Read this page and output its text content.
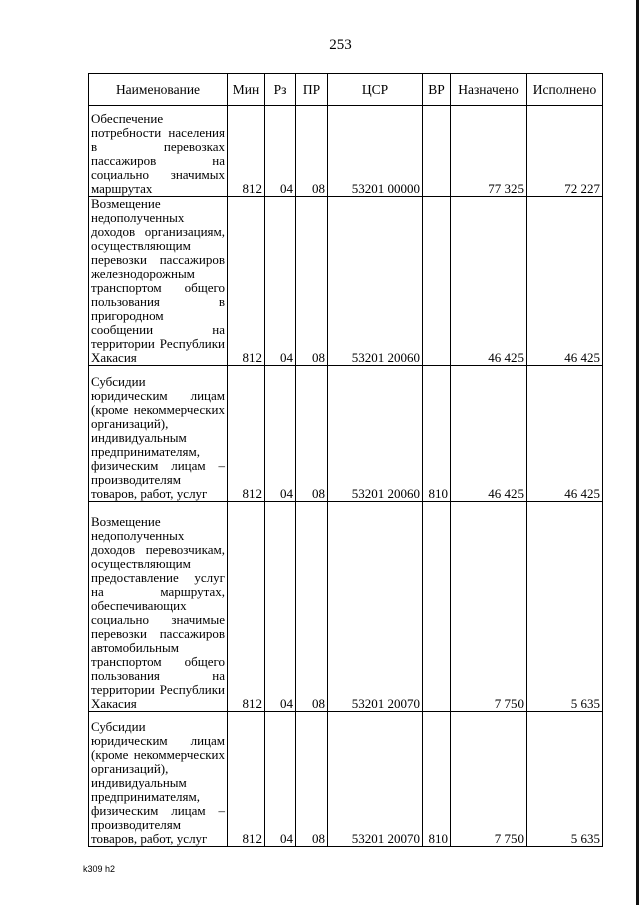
253
Наименование	Мин	Рз	ПР	ЦСР	ВР	Назначено	Исполнено
Обеспечение потребности населения в перевозках пассажиров на социально значимых маршрутах	812	04	08	53201 00000		77 325	72 227
Возмещение недополученных доходов организациям, осуществляющим перевозки пассажиров железнодорожным транспортом общего пользования в пригородном сообщении на территории Республики Хакасия	812	04	08	53201 20060		46 425	46 425
Субсидии юридическим лицам (кроме некоммерческих организаций), индивидуальным предпринимателям, физическим лицам – производителям товаров, работ, услуг	812	04	08	53201 20060	810	46 425	46 425
Возмещение недополученных доходов перевозчикам, осуществляющим предоставление услуг на маршрутах, обеспечивающих социально значимые перевозки пассажиров автомобильным транспортом общего пользования на территории Республики Хакасия	812	04	08	53201 20070		7 750	5 635
Субсидии юридическим лицам (кроме некоммерческих организаций), индивидуальным предпринимателям, физическим лицам – производителям товаров, работ, услуг	812	04	08	53201 20070	810	7 750	5 635
k309 h2
